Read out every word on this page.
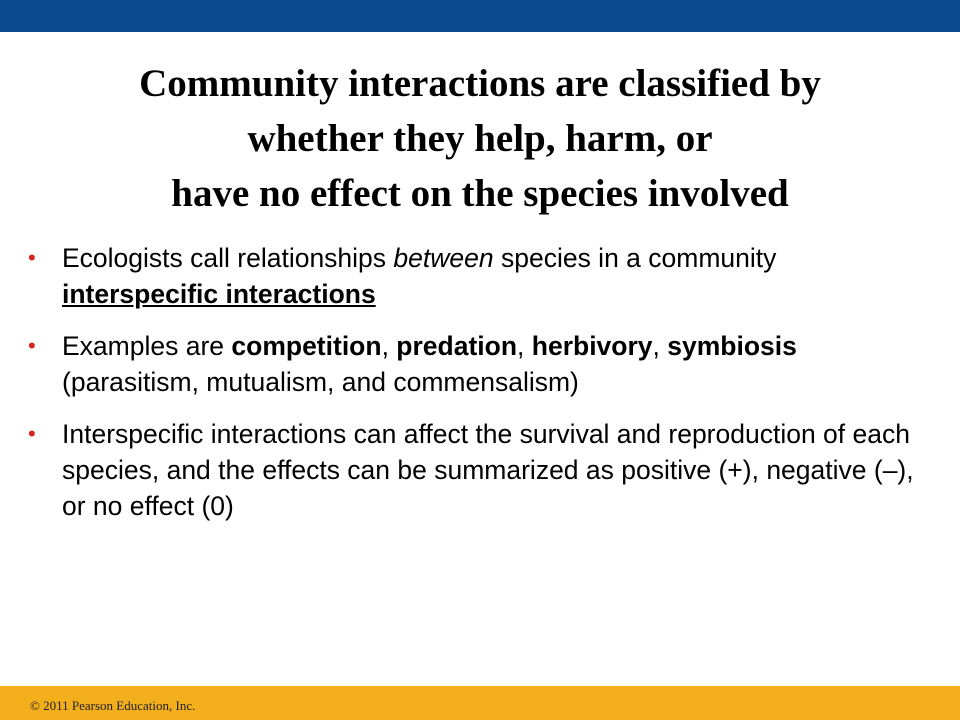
Community interactions are classified by
whether they help, harm, or
have no effect on the species involved
• Ecologists call relationships between species in a community interspecific interactions
• Examples are competition, predation, herbivory, symbiosis (parasitism, mutualism, and commensalism)
• Interspecific interactions can affect the survival and reproduction of each species, and the effects can be summarized as positive (+), negative (–), or no effect (0)
© 2011 Pearson Education, Inc.
